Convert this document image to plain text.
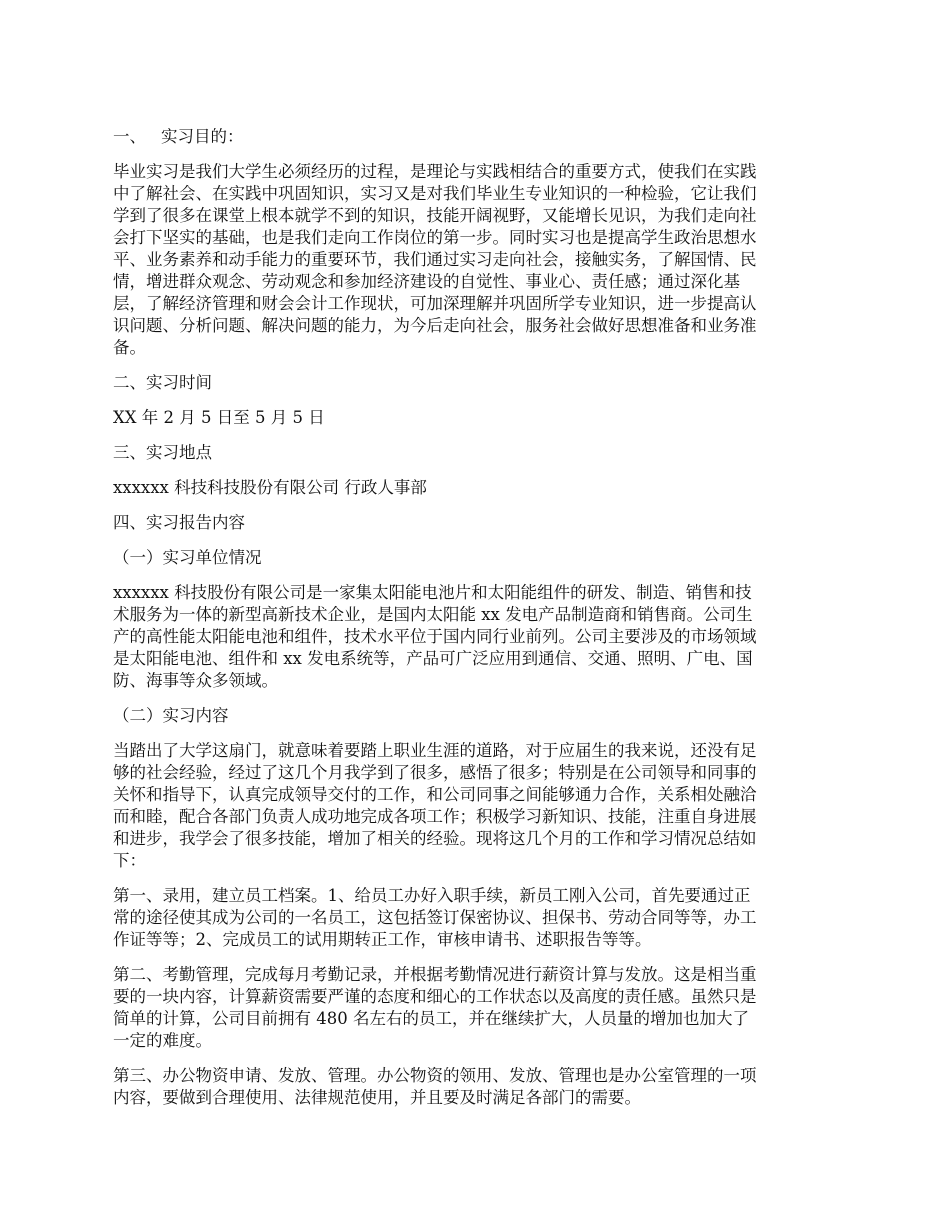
一、 实习目的：

毕业实习是我们大学生必须经历的过程，是理论与实践相结合的重要方式，使我们在实践

中了解社会、在实践中巩固知识，实习又是对我们毕业生专业知识的一种检验，它让我们

学到了很多在课堂上根本就学不到的知识，技能开阔视野，又能增长见识，为我们走向社

会打下坚实的基础，也是我们走向工作岗位的第一步。同时实习也是提高学生政治思想水

平、业务素养和动手能力的重要环节，我们通过实习走向社会，接触实务，了解国情、民

情，增进群众观念、劳动观念和参加经济建设的自觉性、事业心、责任感；通过深化基

层，了解经济管理和财会会计工作现状，可加深理解并巩固所学专业知识，进一步提高认

识问题、分析问题、解决问题的能力，为今后走向社会，服务社会做好思想准备和业务准

备。

二、实习时间

XX 年 2 月 5 日至 5 月 5 日

三、实习地点

xxxxxx 科技科技股份有限公司 行政人事部

四、实习报告内容

（一）实习单位情况

xxxxxx 科技股份有限公司是一家集太阳能电池片和太阳能组件的研发、制造、销售和技

术服务为一体的新型高新技术企业，是国内太阳能 xx 发电产品制造商和销售商。公司生

产的高性能太阳能电池和组件，技术水平位于国内同行业前列。公司主要涉及的市场领域

是太阳能电池、组件和 xx 发电系统等，产品可广泛应用到通信、交通、照明、广电、国

防、海事等众多领域。

（二）实习内容

当踏出了大学这扇门，就意味着要踏上职业生涯的道路，对于应届生的我来说，还没有足

够的社会经验，经过了这几个月我学到了很多，感悟了很多；特别是在公司领导和同事的

关怀和指导下，认真完成领导交付的工作，和公司同事之间能够通力合作，关系相处融洽

而和睦，配合各部门负责人成功地完成各项工作；积极学习新知识、技能，注重自身进展

和进步，我学会了很多技能，增加了相关的经验。现将这几个月的工作和学习情况总结如

下：

第一、录用，建立员工档案。1、给员工办好入职手续，新员工刚入公司，首先要通过正

常的途径使其成为公司的一名员工，这包括签订保密协议、担保书、劳动合同等等，办工

作证等等；2、完成员工的试用期转正工作，审核申请书、述职报告等等。

第二、考勤管理，完成每月考勤记录，并根据考勤情况进行薪资计算与发放。这是相当重

要的一块内容，计算薪资需要严谨的态度和细心的工作状态以及高度的责任感。虽然只是

简单的计算，公司目前拥有 480 名左右的员工，并在继续扩大，人员量的增加也加大了

一定的难度。

第三、办公物资申请、发放、管理。办公物资的领用、发放、管理也是办公室管理的一项

内容，要做到合理使用、法律规范使用，并且要及时满足各部门的需要。
